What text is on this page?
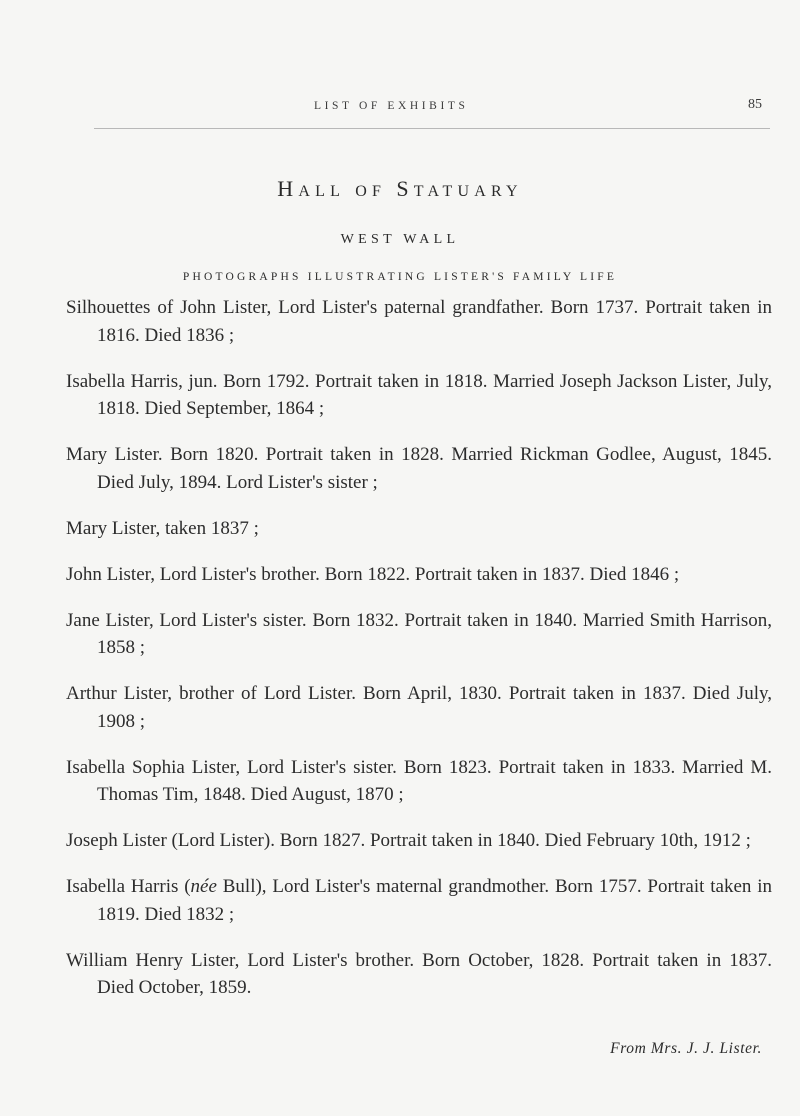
LIST OF EXHIBITS	85
HALL OF STATUARY
WEST WALL
PHOTOGRAPHS ILLUSTRATING LISTER'S FAMILY LIFE

Silhouettes of John Lister, Lord Lister's paternal grandfather. Born 1737. Portrait taken in 1816. Died 1836 ;

Isabella Harris, jun. Born 1792. Portrait taken in 1818. Married Joseph Jackson Lister, July, 1818. Died September, 1864 ;

Mary Lister. Born 1820. Portrait taken in 1828. Married Rickman Godlee, August, 1845. Died July, 1894. Lord Lister's sister ;

Mary Lister, taken 1837 ;

John Lister, Lord Lister's brother. Born 1822. Portrait taken in 1837. Died 1846 ;

Jane Lister, Lord Lister's sister. Born 1832. Portrait taken in 1840. Married Smith Harrison, 1858 ;

Arthur Lister, brother of Lord Lister. Born April, 1830. Portrait taken in 1837. Died July, 1908 ;

Isabella Sophia Lister, Lord Lister's sister. Born 1823. Portrait taken in 1833. Married M. Thomas Tim, 1848. Died August, 1870 ;

Joseph Lister (Lord Lister). Born 1827. Portrait taken in 1840. Died February 10th, 1912 ;

Isabella Harris (née Bull), Lord Lister's maternal grandmother. Born 1757. Portrait taken in 1819. Died 1832 ;

William Henry Lister, Lord Lister's brother. Born October, 1828. Portrait taken in 1837. Died October, 1859.

From Mrs. J. J. Lister.
